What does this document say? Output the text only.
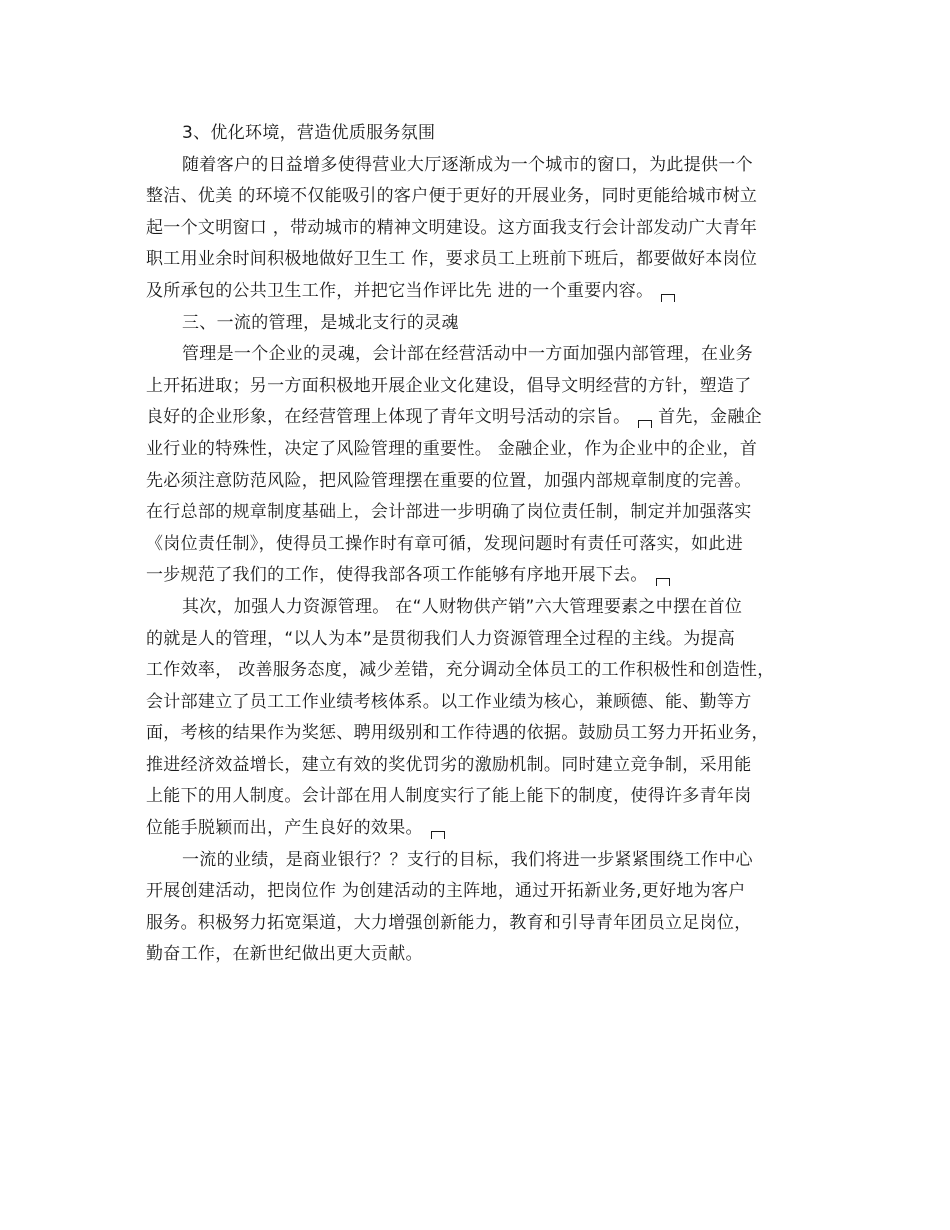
3、优化环境，营造优质服务氛围
随着客户的日益增多使得营业大厅逐渐成为一个城市的窗口，为此提供一个
整洁、优美 的环境不仅能吸引的客户便于更好的开展业务，同时更能给城市树立
起一个文明窗口 ，带动城市的精神文明建设。这方面我支行会计部发动广大青年
职工用业余时间积极地做好卫生工 作，要求员工上班前下班后，都要做好本岗位
及所承包的公共卫生工作，并把它当作评比先 进的一个重要内容。
三、一流的管理，是城北支行的灵魂
管理是一个企业的灵魂，会计部在经营活动中一方面加强内部管理，在业务
上开拓进取；另一方面积极地开展企业文化建设，倡导文明经营的方针，塑造了
良好的企业形象，在经营管理上体现了青年文明号活动的宗旨。 首先，金融企
业行业的特殊性，决定了风险管理的重要性。 金融企业，作为企业中的企业，首
先必须注意防范风险，把风险管理摆在重要的位置，加强内部规章制度的完善。
在行总部的规章制度基础上，会计部进一步明确了岗位责任制，制定并加强落实
《岗位责任制》，使得员工操作时有章可循，发现问题时有责任可落实，如此进
一步规范了我们的工作，使得我部各项工作能够有序地开展下去。
其次，加强人力资源管理。 在“人财物供产销”六大管理要素之中摆在首位
的就是人的管理，“以人为本”是贯彻我们人力资源管理全过程的主线。为提高
工作效率， 改善服务态度，减少差错，充分调动全体员工的工作积极性和创造性，
会计部建立了员工工作业绩考核体系。以工作业绩为核心，兼顾德、能、勤等方
面，考核的结果作为奖惩、聘用级别和工作待遇的依据。鼓励员工努力开拓业务，
推进经济效益增长，建立有效的奖优罚劣的激励机制。同时建立竞争制，采用能
上能下的用人制度。会计部在用人制度实行了能上能下的制度，使得许多青年岗
位能手脱颖而出，产生良好的效果。
一流的业绩，是商业银行？？支行的目标，我们将进一步紧紧围绕工作中心
开展创建活动，把岗位作 为创建活动的主阵地，通过开拓新业务,更好地为客户
服务。积极努力拓宽渠道，大力增强创新能力，教育和引导青年团员立足岗位，
勤奋工作，在新世纪做出更大贡献。
